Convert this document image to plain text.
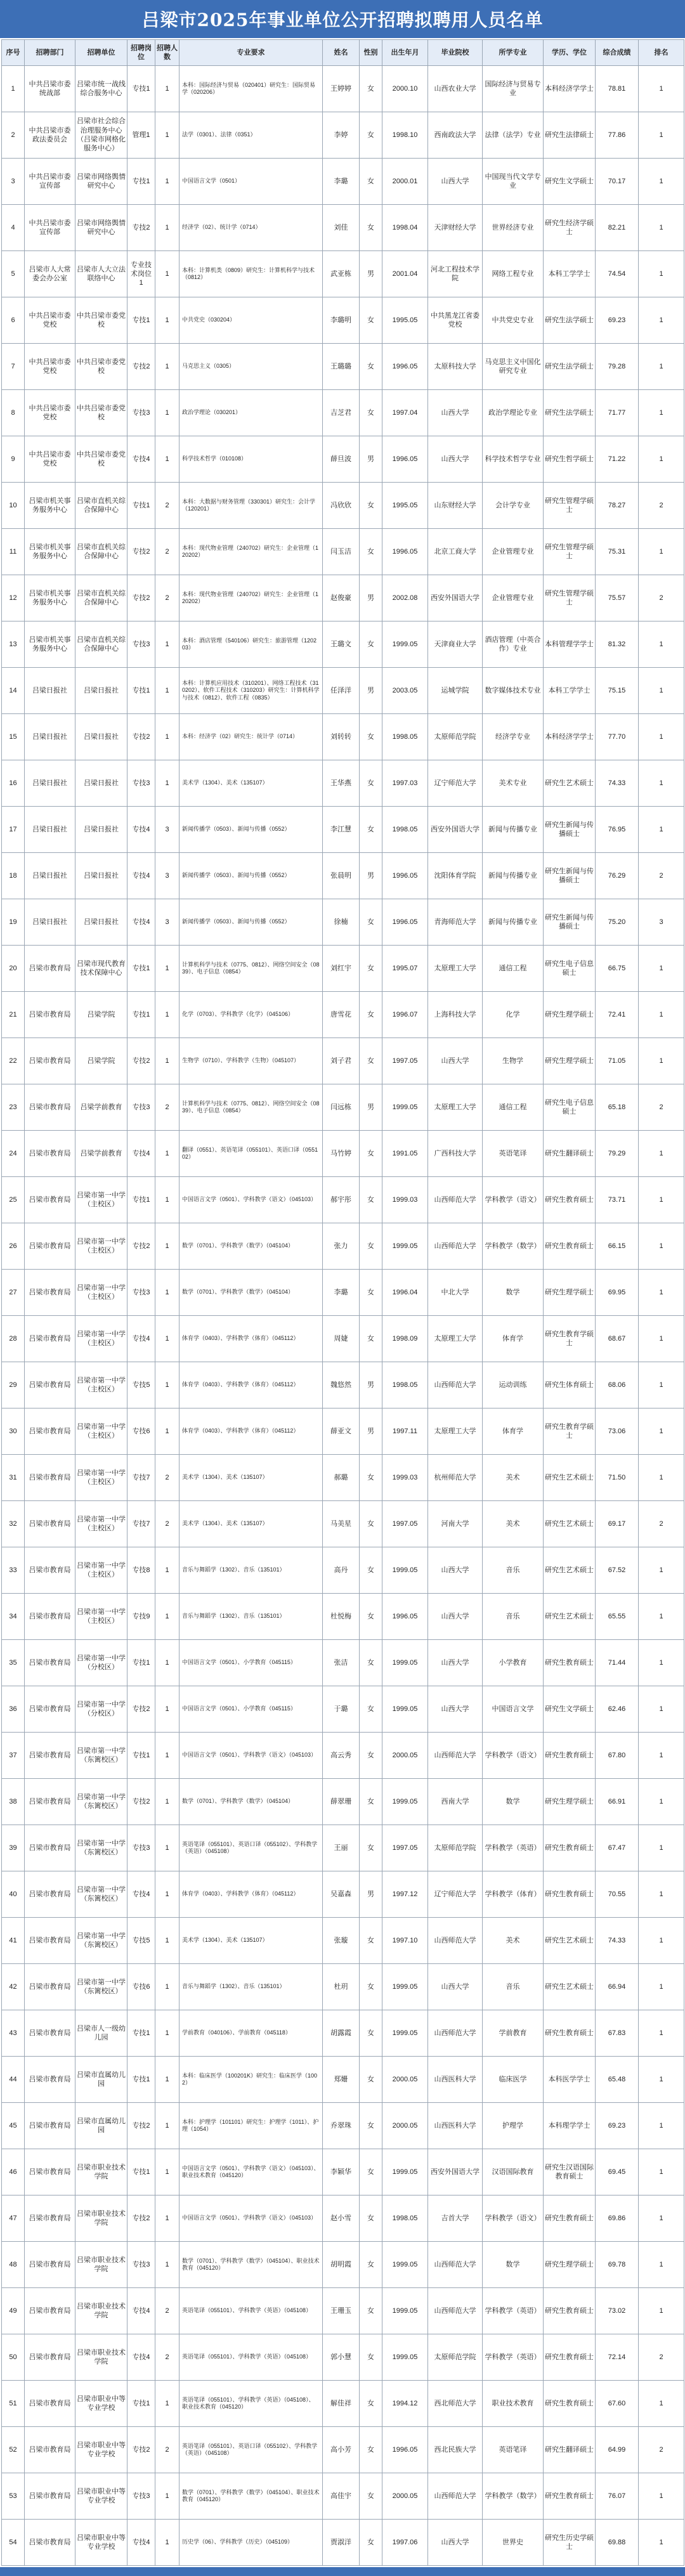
吕梁市2025年事业单位公开招聘拟聘用人员名单
序号	招聘部门	招聘单位	招聘岗位	招聘人数	专业要求	姓名	性别	出生年月	毕业院校	所学专业	学历、学位	综合成绩	排名
1	中共吕梁市委统战部	吕梁市统一战线综合服务中心	专技1	1	本科：国际经济与贸易（020401）研究生：国际贸易学（020206）	王婷婷	女	2000.10	山西农业大学	国际经济与贸易专业	本科经济学学士	78.81	1
2	中共吕梁市委政法委员会	吕梁市社会综合治理服务中心（吕梁市网格化服务中心）	管理1	1	法学（0301）、法律（0351）	李婷	女	1998.10	西南政法大学	法律（法学）专业	研究生法律硕士	77.86	1
3	中共吕梁市委宣传部	吕梁市网络舆情研究中心	专技1	1	中国语言文学（0501）	李璐	女	2000.01	山西大学	中国现当代文学专业	研究生文学硕士	70.17	1
4	中共吕梁市委宣传部	吕梁市网络舆情研究中心	专技2	1	经济学（02）、统计学（0714）	刘佳	女	1998.04	天津财经大学	世界经济专业	研究生经济学硕士	82.21	1
5	吕梁市人大常委会办公室	吕梁市人大立法联络中心	专业技术岗位1	1	本科：计算机类（0809）研究生：计算机科学与技术（0812）	武亚栋	男	2001.04	河北工程技术学院	网络工程专业	本科工学学士	74.54	1
6	中共吕梁市委党校	中共吕梁市委党校	专技1	1	中共党史（030204）	李璐明	女	1995.05	中共黑龙江省委党校	中共党史专业	研究生法学硕士	69.23	1
7	中共吕梁市委党校	中共吕梁市委党校	专技2	1	马克思主义（0305）	王璐璐	女	1996.05	太原科技大学	马克思主义中国化研究专业	研究生法学硕士	79.28	1
8	中共吕梁市委党校	中共吕梁市委党校	专技3	1	政治学理论（030201）	吉芝君	女	1997.04	山西大学	政治学理论专业	研究生法学硕士	71.77	1
9	中共吕梁市委党校	中共吕梁市委党校	专技4	1	科学技术哲学（010108）	薛旦波	男	1996.05	山西大学	科学技术哲学专业	研究生哲学硕士	71.22	1
10	吕梁市机关事务服务中心	吕梁市直机关综合保障中心	专技1	2	本科：大数据与财务管理（330301）研究生：会计学（120201）	冯欣欣	女	1995.05	山东财经大学	会计学专业	研究生管理学硕士	78.27	2
11	吕梁市机关事务服务中心	吕梁市直机关综合保障中心	专技2	2	本科：现代物业管理（240702）研究生：企业管理（120202）	闫玉洁	女	1996.05	北京工商大学	企业管理专业	研究生管理学硕士	75.31	1
12	吕梁市机关事务服务中心	吕梁市直机关综合保障中心	专技2	2	本科：现代物业管理（240702）研究生：企业管理（120202）	赵俊豪	男	2002.08	西安外国语大学	企业管理专业	研究生管理学硕士	75.57	2
13	吕梁市机关事务服务中心	吕梁市直机关综合保障中心	专技3	1	本科：酒店管理（540106）研究生：旅游管理（120203）	王璐文	女	1999.05	天津商业大学	酒店管理（中英合作）专业	本科管理学学士	81.32	1
14	吕梁日报社	吕梁日报社	专技1	1	本科：计算机应用技术（310201）、网络工程技术（310202）、软件工程技术（310203）研究生：计算机科学与技术（0812）、软件工程（0835）	任泽洋	男	2003.05	运城学院	数字媒体技术专业	本科工学学士	75.15	1
15	吕梁日报社	吕梁日报社	专技2	1	本科：经济学（02）研究生：统计学（0714）	刘转转	女	1998.05	太原师范学院	经济学专业	本科经济学学士	77.70	1
16	吕梁日报社	吕梁日报社	专技3	1	美术学（1304）、美术（135107）	王华燕	女	1997.03	辽宁师范大学	美术专业	研究生艺术硕士	74.33	1
17	吕梁日报社	吕梁日报社	专技4	3	新闻传播学（0503）、新闻与传播（0552）	李江慧	女	1998.05	西安外国语大学	新闻与传播专业	研究生新闻与传播硕士	76.95	1
18	吕梁日报社	吕梁日报社	专技4	3	新闻传播学（0503）、新闻与传播（0552）	张晨明	男	1996.05	沈阳体育学院	新闻与传播专业	研究生新闻与传播硕士	76.29	2
19	吕梁日报社	吕梁日报社	专技4	3	新闻传播学（0503）、新闻与传播（0552）	徐楠	女	1996.05	青海师范大学	新闻与传播专业	研究生新闻与传播硕士	75.20	3
20	吕梁市教育局	吕梁市现代教育技术保障中心	专技1	1	计算机科学与技术（0775、0812）、网络空间安全（0839）、电子信息（0854）	刘红宇	女	1995.07	太原理工大学	通信工程	研究生电子信息硕士	66.75	1
21	吕梁市教育局	吕梁学院	专技1	1	化学（0703）、学科教学（化学）（045106）	唐雪花	女	1996.07	上海科技大学	化学	研究生理学硕士	72.41	1
22	吕梁市教育局	吕梁学院	专技2	1	生物学（0710）、学科教学（生物）（045107）	刘子君	女	1997.05	山西大学	生物学	研究生理学硕士	71.05	1
23	吕梁市教育局	吕梁学前教育	专技3	2	计算机科学与技术（0775、0812）、网络空间安全（0839）、电子信息（0854）	闫远栋	男	1999.05	太原理工大学	通信工程	研究生电子信息硕士	65.18	2
24	吕梁市教育局	吕梁学前教育	专技4	1	翻译（0551）、英语笔译（055101）、英语口译（055102）	马竹婷	女	1991.05	广西科技大学	英语笔译	研究生翻译硕士	79.29	1
25	吕梁市教育局	吕梁市第一中学（主校区）	专技1	1	中国语言文学（0501）、学科教学（语文）（045103）	郝宇彤	女	1999.03	山西师范大学	学科教学（语文）	研究生教育硕士	73.71	1
26	吕梁市教育局	吕梁市第一中学（主校区）	专技2	1	数学（0701）、学科教学（数学）（045104）	张力	女	1999.05	山西师范大学	学科教学（数学）	研究生教育硕士	66.15	1
27	吕梁市教育局	吕梁市第一中学（主校区）	专技3	1	数学（0701）、学科教学（数学）（045104）	李璐	女	1996.04	中北大学	数学	研究生理学硕士	69.95	1
28	吕梁市教育局	吕梁市第一中学（主校区）	专技4	1	体育学（0403）、学科教学（体育）（045112）	周婕	女	1998.09	太原理工大学	体育学	研究生教育学硕士	68.67	1
29	吕梁市教育局	吕梁市第一中学（主校区）	专技5	1	体育学（0403）、学科教学（体育）（045112）	魏悠然	男	1998.05	山西师范大学	运动训练	研究生体育硕士	68.06	1
30	吕梁市教育局	吕梁市第一中学（主校区）	专技6	1	体育学（0403）、学科教学（体育）（045112）	薛亚文	男	1997.11	太原理工大学	体育学	研究生教育学硕士	73.06	1
31	吕梁市教育局	吕梁市第一中学（主校区）	专技7	2	美术学（1304）、美术（135107）	郝璐	女	1999.03	杭州师范大学	美术	研究生艺术硕士	71.50	1
32	吕梁市教育局	吕梁市第一中学（主校区）	专技7	2	美术学（1304）、美术（135107）	马美星	女	1997.05	河南大学	美术	研究生艺术硕士	69.17	2
33	吕梁市教育局	吕梁市第一中学（主校区）	专技8	1	音乐与舞蹈学（1302）、音乐（135101）	高丹	女	1999.05	山西大学	音乐	研究生艺术硕士	67.52	1
34	吕梁市教育局	吕梁市第一中学（主校区）	专技9	1	音乐与舞蹈学（1302）、音乐（135101）	杜悦梅	女	1996.05	山西大学	音乐	研究生艺术硕士	65.55	1
35	吕梁市教育局	吕梁市第一中学（分校区）	专技1	1	中国语言文学（0501）、小学教育（045115）	张洁	女	1999.05	山西大学	小学教育	研究生教育硕士	71.44	1
36	吕梁市教育局	吕梁市第一中学（分校区）	专技2	1	中国语言文学（0501）、小学教育（045115）	于璐	女	1999.05	山西大学	中国语言文学	研究生文学硕士	62.46	1
37	吕梁市教育局	吕梁市第一中学（东篱校区）	专技1	1	中国语言文学（0501）、学科教学（语文）（045103）	高云秀	女	2000.05	山西师范大学	学科教学（语文）	研究生教育硕士	67.80	1
38	吕梁市教育局	吕梁市第一中学（东篱校区）	专技2	1	数学（0701）、学科教学（数学）（045104）	薛翠珊	女	1999.05	西南大学	数学	研究生理学硕士	66.91	1
39	吕梁市教育局	吕梁市第一中学（东篱校区）	专技3	1	英语笔译（055101）、英语口译（055102）、学科教学（英语）（045108）	王丽	女	1997.05	太原师范学院	学科教学（英语）	研究生教育硕士	67.47	1
40	吕梁市教育局	吕梁市第一中学（东篱校区）	专技4	1	体育学（0403）、学科教学（体育）（045112）	吴嘉森	男	1997.12	辽宁师范大学	学科教学（体育）	研究生教育硕士	70.55	1
41	吕梁市教育局	吕梁市第一中学（东篱校区）	专技5	1	美术学（1304）、美术（135107）	张璇	女	1997.10	山西师范大学	美术	研究生艺术硕士	74.33	1
42	吕梁市教育局	吕梁市第一中学（东篱校区）	专技6	1	音乐与舞蹈学（1302）、音乐（135101）	杜玥	女	1999.05	山西大学	音乐	研究生艺术硕士	66.94	1
43	吕梁市教育局	吕梁市人一级幼儿园	专技1	1	学前教育（040106）、学前教育（045118）	胡露霞	女	1999.05	山西师范大学	学前教育	研究生教育硕士	67.83	1
44	吕梁市教育局	吕梁市直属幼儿园	专技1	1	本科：临床医学（100201K）研究生：临床医学（1002）	郑姗	女	2000.05	山西医科大学	临床医学	本科医学学士	65.48	1
45	吕梁市教育局	吕梁市直属幼儿园	专技2	1	本科：护理学（101101）研究生：护理学（1011）、护理（1054）	乔翠珠	女	2000.05	山西医科大学	护理学	本科理学学士	69.23	1
46	吕梁市教育局	吕梁市职业技术学院	专技1	1	中国语言文学（0501）、学科教学（语文）（045103）、职业技术教育（045120）	李颖华	女	1999.05	西安外国语大学	汉语国际教育	研究生汉语国际教育硕士	69.45	1
47	吕梁市教育局	吕梁市职业技术学院	专技2	1	中国语言文学（0501）、学科教学（语文）（045103）	赵小雪	女	1998.05	吉首大学	学科教学（语文）	研究生教育硕士	69.86	1
48	吕梁市教育局	吕梁市职业技术学院	专技3	1	数学（0701）、学科教学（数学）（045104）、职业技术教育（045120）	胡明霞	女	1999.05	山西师范大学	数学	研究生理学硕士	69.78	1
49	吕梁市教育局	吕梁市职业技术学院	专技4	2	英语笔译（055101）、学科教学（英语）（045108）	王珊玉	女	1999.05	山西师范大学	学科教学（英语）	研究生教育硕士	73.02	1
50	吕梁市教育局	吕梁市职业技术学院	专技4	2	英语笔译（055101）、学科教学（英语）（045108）	郭小慧	女	1999.05	太原师范学院	学科教学（英语）	研究生教育硕士	72.14	2
51	吕梁市教育局	吕梁市职业中等专业学校	专技1	1	英语笔译（055101）、学科教学（英语）（045108）、职业技术教育（045120）	解佳祥	女	1994.12	西北师范大学	职业技术教育	研究生教育硕士	67.60	1
52	吕梁市教育局	吕梁市职业中等专业学校	专技2	2	英语笔译（055101）、英语口译（055102）、学科教学（英语）（045108）	高小芳	女	1996.05	西北民族大学	英语笔译	研究生翻译硕士	64.99	2
53	吕梁市教育局	吕梁市职业中等专业学校	专技3	1	数学（0701）、学科教学（数学）（045104）、职业技术教育（045120）	高佳宇	女	2000.05	山西师范大学	学科教学（数学）	研究生教育硕士	76.07	1
54	吕梁市教育局	吕梁市职业中等专业学校	专技4	1	历史学（06）、学科教学（历史）（045109）	贾淑洋	女	1997.06	山西大学	世界史	研究生历史学硕士	69.88	1
